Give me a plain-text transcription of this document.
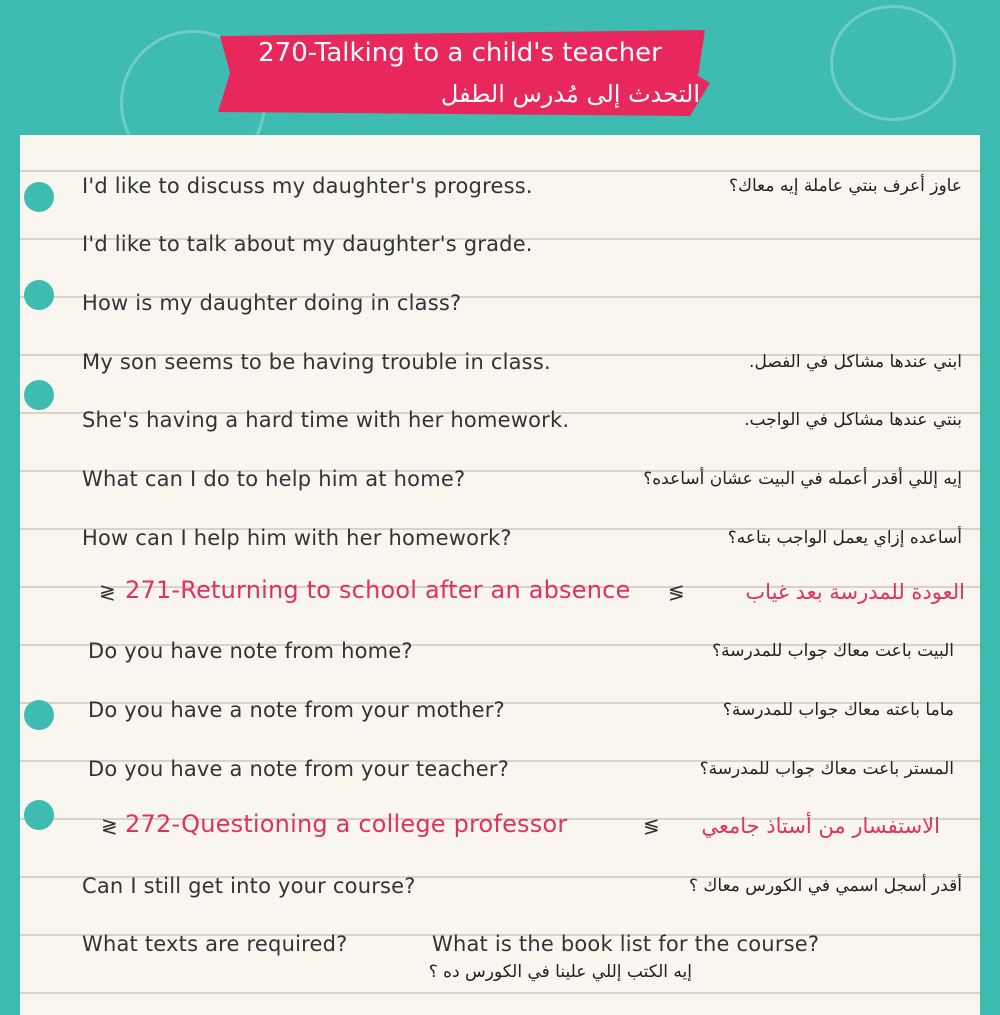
270-Talking to a child's teacher
التحدث إلى مُدرس الطفل
I'd like to discuss my daughter's progress.	عاوز أعرف بنتي عاملة إيه معاك؟
I'd like to talk about my daughter's grade.
How is my daughter doing in class?
My son seems to be having trouble in class.	ابني عندها مشاكل في الفصل.
She's having a hard time with her homework.	بنتي عندها مشاكل في الواجب.
What can I do to help him at home?	إيه إللي أقدر أعمله في البيت عشان أساعده؟
How can I help him with her homework?	أساعده إزاي يعمل الواجب بتاعه؟
≷ 271-Returning to school after an absence ≶	العودة للمدرسة بعد غياب
Do you have note from home?	البيت باعت معاك جواب للمدرسة؟
Do you have a note from your mother?	ماما باعته معاك جواب للمدرسة؟
Do you have a note from your teacher?	المستر باعت معاك جواب للمدرسة؟
≷ 272-Questioning a college professor	≶ الاستفسار من أستاذ جامعي
Can I still get into your course?	أقدر أسجل اسمي في الكورس معاك ؟
What texts are required?	What is the book list for the course?
إيه الكتب إللي علينا في الكورس ده ؟
